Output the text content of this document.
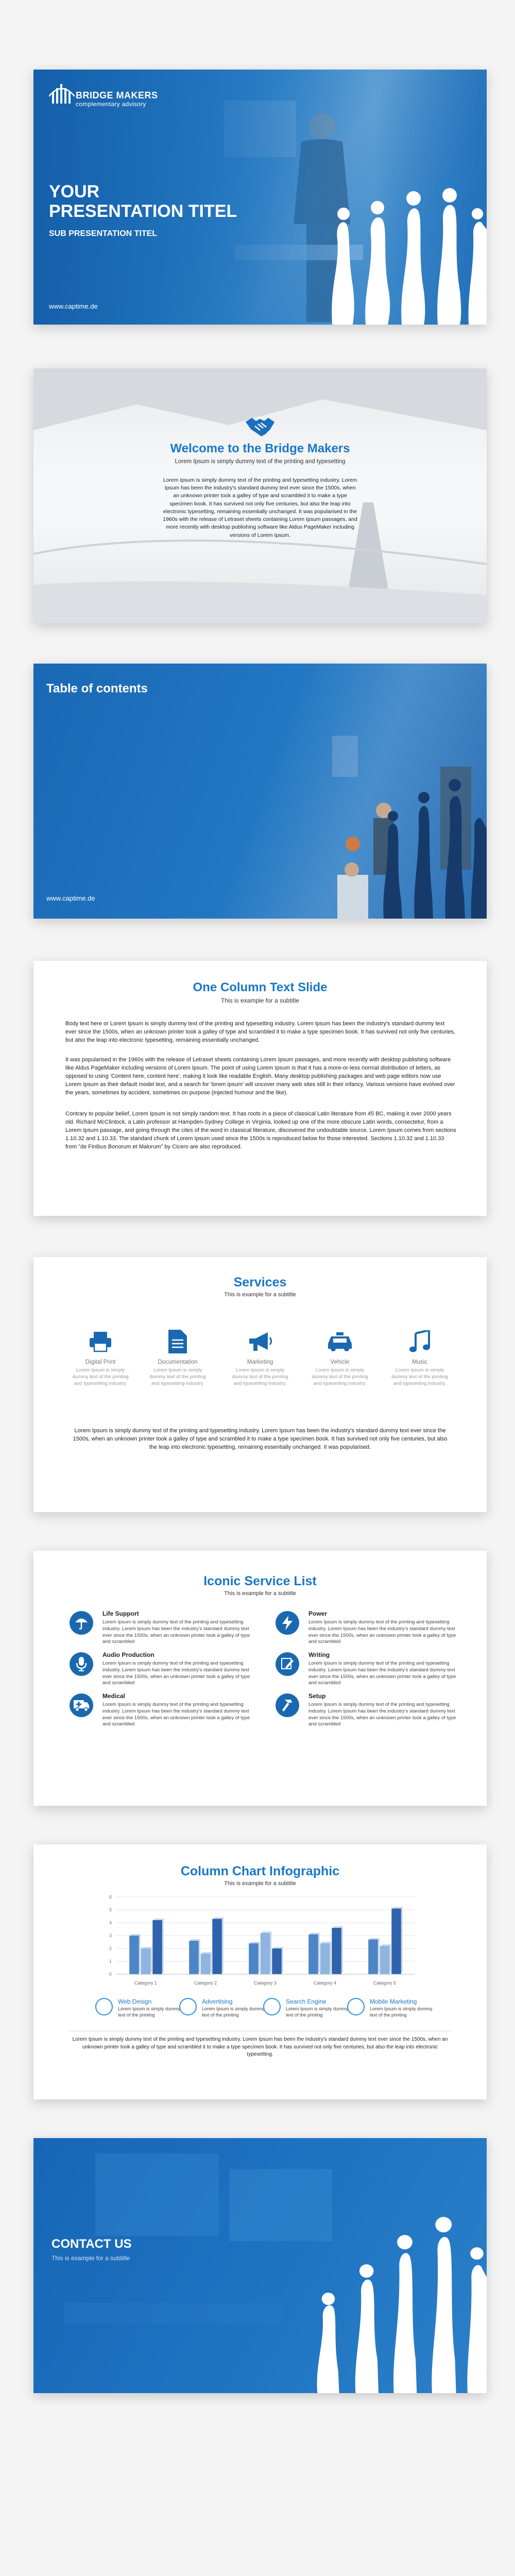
BRIDGE MAKERS
complementary advisory
YOUR
PRESENTATION TITEL
SUB PRESENTATION TITEL
www.captime.de
Welcome to the Bridge Makers
Lorem Ipsum is simply dummy text of the printing and typesetting
Lorem Ipsum is simply dummy text of the printing and typesetting industry. Lorem Ipsum has been the industry's standard dummy text ever since the 1500s, when an unknown printer took a galley of type and scrambled it to make a type specimen book. It has survived not only five centuries, but also the leap into electronic typesetting, remaining essentially unchanged. It was popularised in the 1960s with the release of Letraset sheets containing Lorem Ipsum passages, and more recently with desktop publishing software like Aldus PageMaker including versions of Lorem Ipsum.
Table of contents
www.captime.de
One Column Text Slide
This is example for a subtitle
Body text here or Lorem Ipsum is simply dummy text of the printing and typesetting industry. Lorem Ipsum has been the industry's standard dummy text ever since the 1500s, when an unknown printer took a galley of type and scrambled it to make a type specimen book. It has survived not only five centuries, but also the leap into electronic typesetting, remaining essentially unchanged.
It was popularised in the 1960s with the release of Letraset sheets containing Lorem Ipsum passages, and more recently with desktop publishing software like Aldus PageMaker including versions of Lorem Ipsum. The point of using Lorem Ipsum is that it has a more-or-less normal distribution of letters, as opposed to using 'Content here, content here', making it look like readable English. Many desktop publishing packages and web page editors now use Lorem Ipsum as their default model text, and a search for 'lorem ipsum' will uncover many web sites still in their infancy. Various versions have evolved over the years, sometimes by accident, sometimes on purpose (injected humour and the like).
Contrary to popular belief, Lorem Ipsum is not simply random text. It has roots in a piece of classical Latin literature from 45 BC, making it over 2000 years old. Richard McClintock, a Latin professor at Hampden-Sydney College in Virginia, looked up one of the more obscure Latin words, consectetur, from a Lorem Ipsum passage, and going through the cites of the word in classical literature, discovered the undoubtable source. Lorem Ipsum comes from sections 1.10.32 and 1.10.33. The standard chunk of Lorem Ipsum used since the 1500s is reproduced below for those interested. Sections 1.10.32 and 1.10.33 from "de Finibus Bonorum et Malorum" by Cicero are also reproduced.
Services
This is example for a subtitle
Digital Print
Lorem Ipsum is simply dummy text of the printing and typesetting industry.
Documentation
Lorem Ipsum is simply dummy text of the printing and typesetting industry.
Marketing
Lorem Ipsum is simply dummy text of the printing and typesetting industry.
Vehicle
Lorem Ipsum is simply dummy text of the printing and typesetting industry.
Music
Lorem Ipsum is simply dummy text of the printing and typesetting industry.
Lorem Ipsum is simply dummy text of the printing and typesetting industry. Lorem Ipsum has been the industry's standard dummy text ever since the 1500s, when an unknown printer took a galley of type and scrambled it to make a type specimen book. It has survived not only five centuries, but also the leap into electronic typesetting, remaining essentially unchanged. It was popularised.
Iconic Service List
This is example for a subtitle
Life Support
Lorem Ipsum is simply dummy text of the printing and typesetting industry. Lorem Ipsum has been the industry's standard dummy text ever since the 1500s, when an unknown printer took a galley of type and scrambled
Power
Lorem Ipsum is simply dummy text of the printing and typesetting industry. Lorem Ipsum has been the industry's standard dummy text ever since the 1500s, when an unknown printer took a galley of type and scrambled
Audio Production
Lorem Ipsum is simply dummy text of the printing and typesetting industry. Lorem Ipsum has been the industry's standard dummy text ever since the 1500s, when an unknown printer took a galley of type and scrambled
Writing
Lorem Ipsum is simply dummy text of the printing and typesetting industry. Lorem Ipsum has been the industry's standard dummy text ever since the 1500s, when an unknown printer took a galley of type and scrambled
Medical
Lorem Ipsum is simply dummy text of the printing and typesetting industry. Lorem Ipsum has been the industry's standard dummy text ever since the 1500s, when an unknown printer took a galley of type and scrambled
Setup
Lorem Ipsum is simply dummy text of the printing and typesetting industry. Lorem Ipsum has been the industry's standard dummy text ever since the 1500s, when an unknown printer took a galley of type and scrambled
Column Chart Infographic
This is example for a subtitle
0
1
2
3
4
5
6
Category 1	Category 2	Category 3	Category 4	Category 5
Web Design
Lorem Ipsum is simply dummy text of the printing
Advertising
Lorem Ipsum is simply dummy text of the printing
Search Engine
Lorem Ipsum is simply dummy text of the printing
Mobile Marketing
Lorem Ipsum is simply dummy text of the printing
Lorem Ipsum is simply dummy text of the printing and typesetting industry. Lorem Ipsum has been the industry's standard dummy text ever since the 1500s, when an unknown printer took a galley of type and scrambled it to make a type specimen book. It has survived not only five centuries, but also the leap into electronic typesetting.
CONTACT US
This is example for a subtitle
